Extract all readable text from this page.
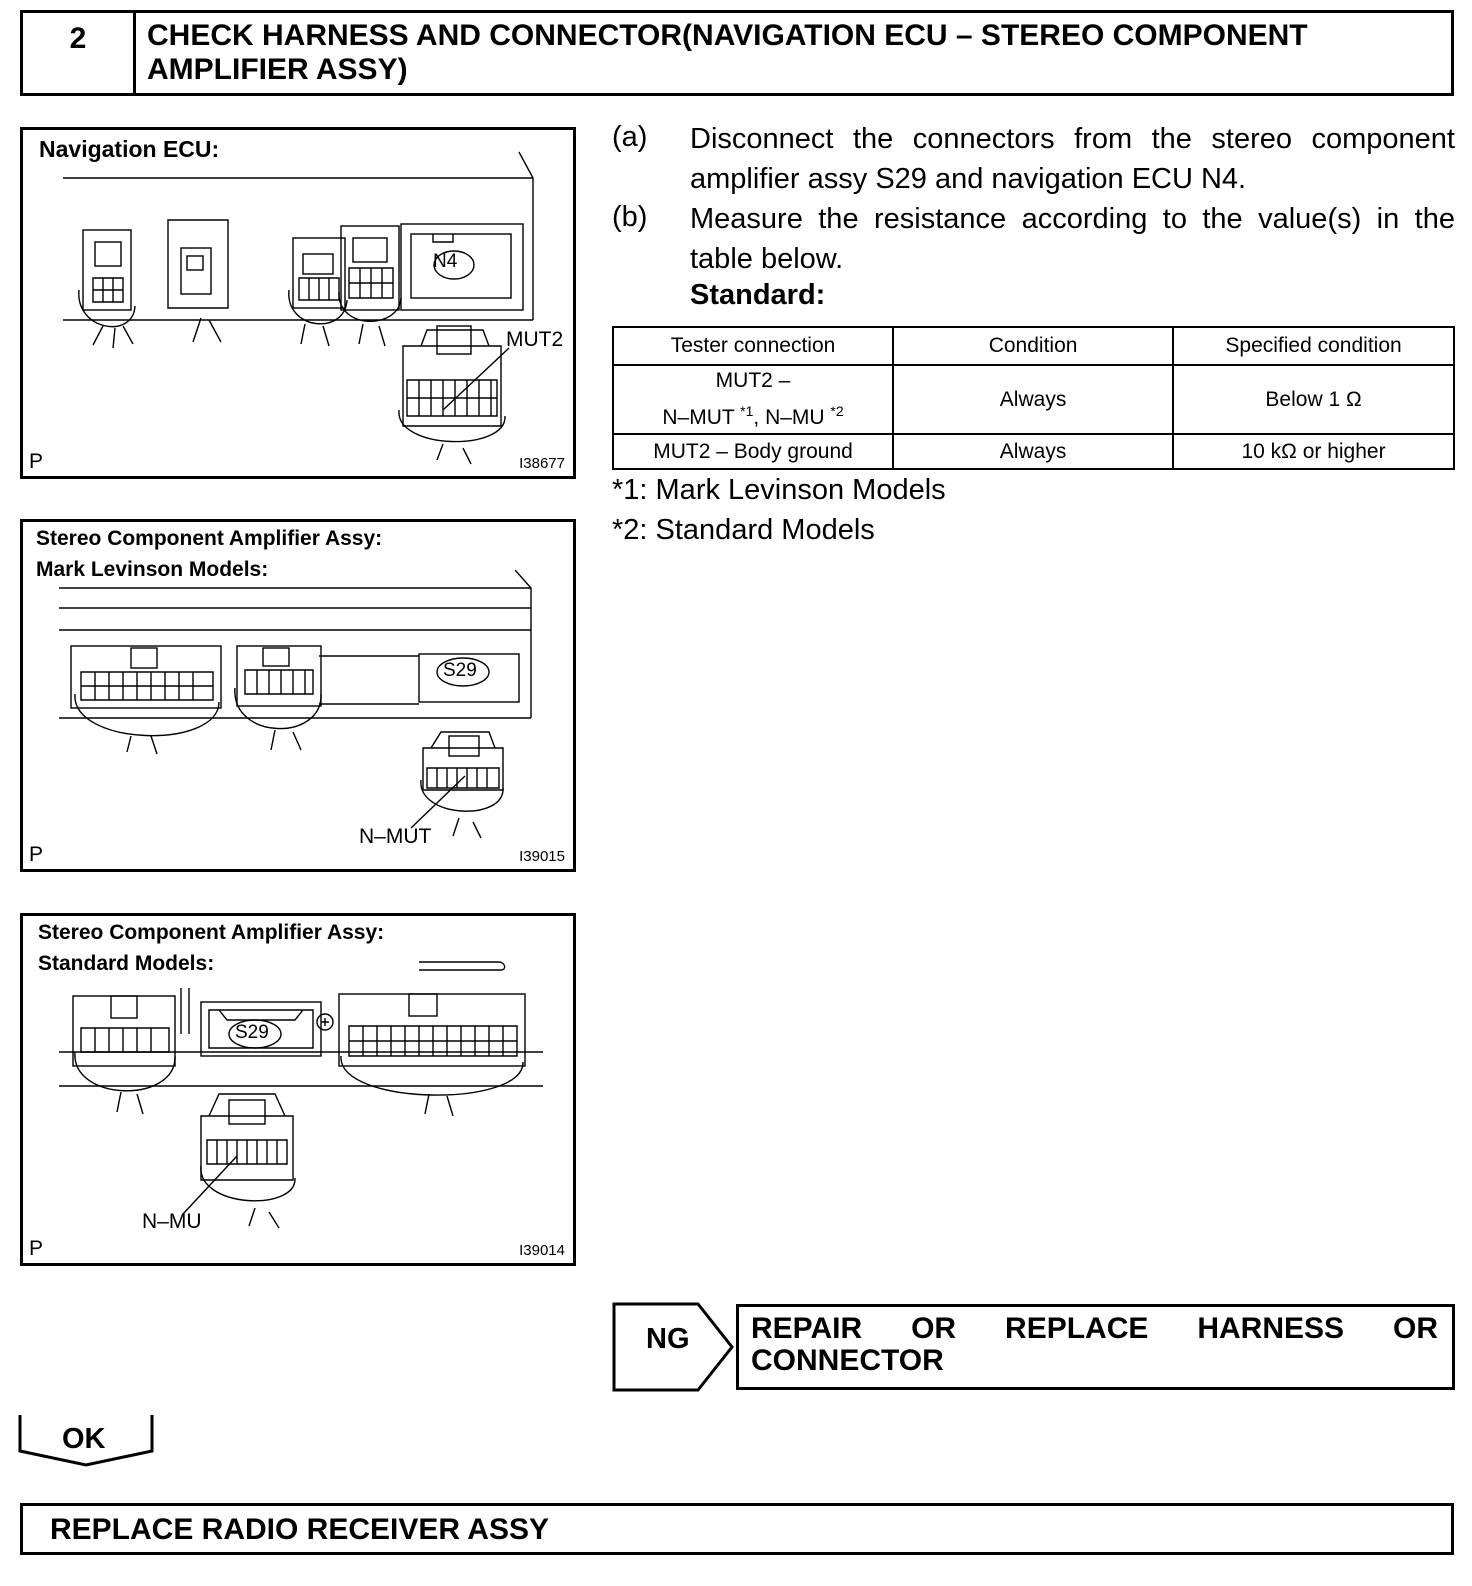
2	CHECK HARNESS AND CONNECTOR(NAVIGATION ECU – STEREO COMPONENT AMPLIFIER ASSY)
Navigation ECU:
N4
MUT2
P	I38677
Stereo Component Amplifier Assy:
Mark Levinson Models:
S29
N–MUT
P	I39015
Stereo Component Amplifier Assy:
Standard Models:
S29
N–MU
P	I39014
(a) Disconnect the connectors from the stereo component amplifier assy S29 and navigation ECU N4.
(b) Measure the resistance according to the value(s) in the table below.
Standard:
Tester connection	Condition	Specified condition
MUT2 –
N–MUT $^{*1}$, N–MU $^{*2}$	Always	Below 1 Ω
MUT2 – Body ground	Always	10 kΩ or higher
*1: Mark Levinson Models
*2: Standard Models
NG REPAIR OR REPLACE HARNESS OR
CONNECTOR
OK
REPLACE RADIO RECEIVER ASSY
